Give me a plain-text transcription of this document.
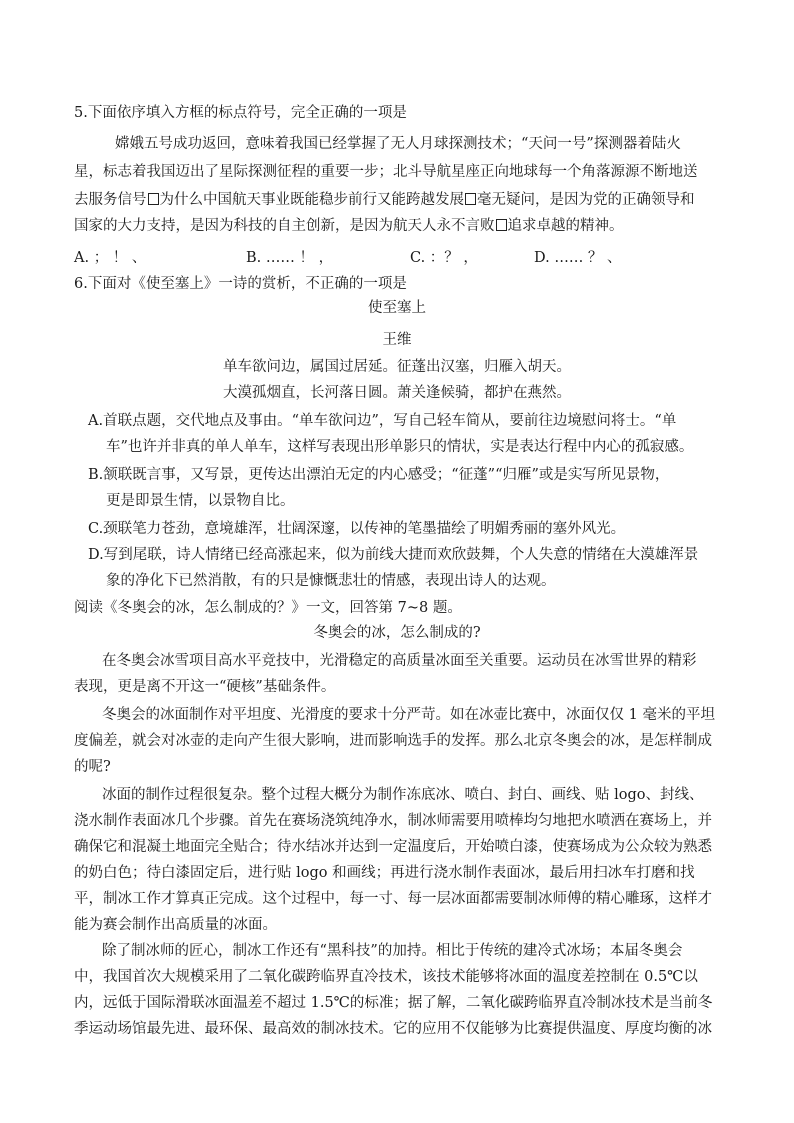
5.下面依序填入方框的标点符号，完全正确的一项是
嫦娥五号成功返回，意味着我国已经掌握了无人月球探测技术；“天问一号”探测器着陆火
星，标志着我国迈出了星际探测征程的重要一步；北斗导航星座正向地球每一个角落源源不断地送
去服务信号 为什么中国航天事业既能稳步前行又能跨越发展 毫无疑问，是因为党的正确领导和
国家的大力支持，是因为科技的自主创新，是因为航天人永不言败 追求卓越的精神。
A. ； ！ 、	B. …… ！ ，	C. ：？ ，	D. …… ？ 、
6.下面对《使至塞上》一诗的赏析，不正确的一项是
使至塞上
王维
单车欲问边，属国过居延。征蓬出汉塞，归雁入胡天。
大漠孤烟直，长河落日圆。萧关逢候骑，都护在燕然。
A.首联点题，交代地点及事由。“单车欲问边”，写自己轻车简从，要前往边境慰问将士。“单
车”也许并非真的单人单车，这样写表现出形单影只的情状，实是表达行程中内心的孤寂感。
B.颔联既言事，又写景，更传达出漂泊无定的内心感受；“征蓬”“归雁”或是实写所见景物，
更是即景生情，以景物自比。
C.颈联笔力苍劲，意境雄浑，壮阔深邃，以传神的笔墨描绘了明媚秀丽的塞外风光。
D.写到尾联，诗人情绪已经高涨起来，似为前线大捷而欢欣鼓舞，个人失意的情绪在大漠雄浑景
象的净化下已然消散，有的只是慷慨悲壮的情感，表现出诗人的达观。
阅读《冬奥会的冰，怎么制成的？》一文，回答第 7~8 题。
冬奥会的冰，怎么制成的?
在冬奥会冰雪项目高水平竞技中，光滑稳定的高质量冰面至关重要。运动员在冰雪世界的精彩
表现，更是离不开这一“硬核”基础条件。
冬奥会的冰面制作对平坦度、光滑度的要求十分严苛。如在冰壶比赛中，冰面仅仅 1 毫米的平坦
度偏差，就会对冰壶的走向产生很大影响，进而影响选手的发挥。那么北京冬奥会的冰，是怎样制成
的呢?
冰面的制作过程很复杂。整个过程大概分为制作冻底冰、喷白、封白、画线、贴 logo、封线、
浇水制作表面冰几个步骤。首先在赛场浇筑纯净水，制冰师需要用喷棒均匀地把水喷洒在赛场上，并
确保它和混凝土地面完全贴合；待水结冰并达到一定温度后，开始喷白漆，使赛场成为公众较为熟悉
的奶白色；待白漆固定后，进行贴 logo 和画线；再进行浇水制作表面冰，最后用扫冰车打磨和找
平，制冰工作才算真正完成。这个过程中，每一寸、每一层冰面都需要制冰师傅的精心雕琢，这样才
能为赛会制作出高质量的冰面。
除了制冰师的匠心，制冰工作还有“黑科技”的加持。相比于传统的建冷式冰场；本届冬奥会
中，我国首次大规模采用了二氧化碳跨临界直冷技术，该技术能够将冰面的温度差控制在 0.5℃以
内，远低于国际滑联冰面温差不超过 1.5℃的标准；据了解，二氧化碳跨临界直冷制冰技术是当前冬
季运动场馆最先进、最环保、最高效的制冰技术。它的应用不仅能够为比赛提供温度、厚度均衡的冰
